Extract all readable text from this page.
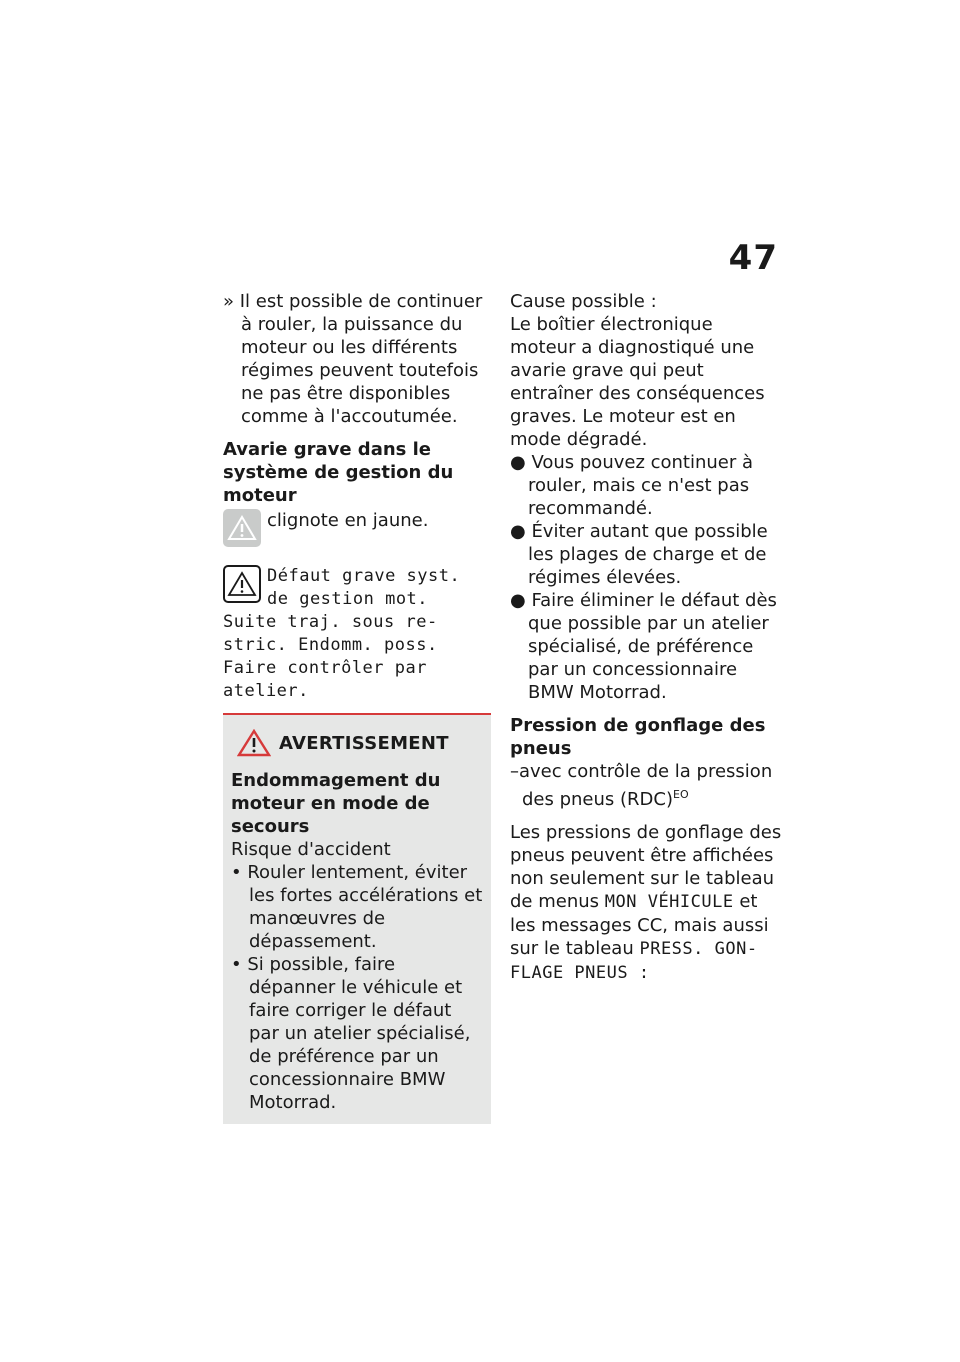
47

» Il est possible de continuer à rouler, la puissance du moteur ou les différents régimes peuvent toutefois ne pas être disponibles comme à l'accoutumée.

Avarie grave dans le système de gestion du moteur

clignote en jaune.

Défaut grave syst.

de gestion mot.

Suite traj. sous re-

stric. Endomm. poss.

Faire contrôler par

atelier.

AVERTISSEMENT

Endommagement du moteur en mode de secours

Risque d'accident

• Rouler lentement, éviter les fortes accélérations et manœuvres de dépassement.

• Si possible, faire dépanner le véhicule et faire corriger le défaut par un atelier spécialisé, de préférence par un concessionnaire BMW Motorrad.

Cause possible :

Le boîtier électronique moteur a diagnostiqué une avarie grave qui peut entraîner des conséquences graves. Le moteur est en mode dégradé.

● Vous pouvez continuer à rouler, mais ce n'est pas recommandé.

● Éviter autant que possible les plages de charge et de régimes élevées.

● Faire éliminer le défaut dès que possible par un atelier spécialisé, de préférence par un concessionnaire BMW Motorrad.

Pression de gonflage des pneus

–avec contrôle de la pression des pneus (RDC)$^{EO}$

Les pressions de gonflage des pneus peuvent être affichées non seulement sur le tableau de menus MON VÉHICULE et les messages CC, mais aussi sur le tableau PRESS. GON- FLAGE PNEUS :
